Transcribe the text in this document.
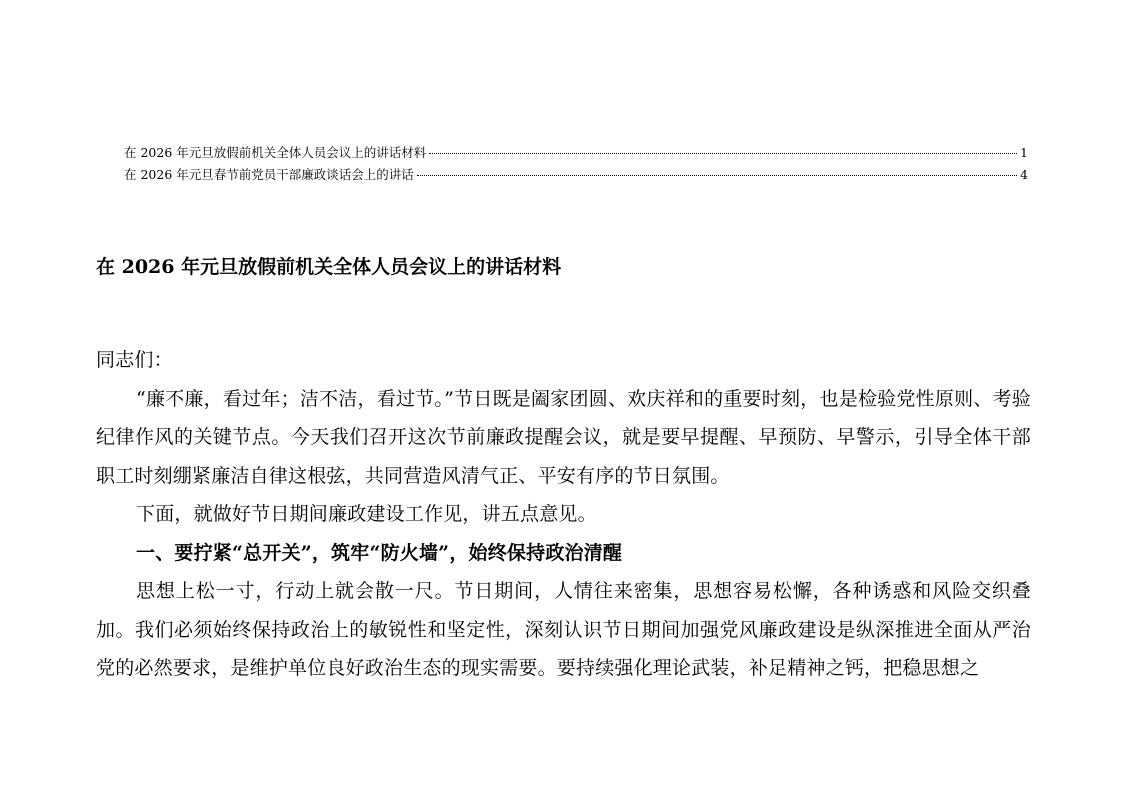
在 2026 年元旦放假前机关全体人员会议上的讲话材料	1
在 2026 年元旦春节前党员干部廉政谈话会上的讲话	4
在 2026 年元旦放假前机关全体人员会议上的讲话材料

同志们：

“廉不廉，看过年；洁不洁，看过节。”节日既是阖家团圆、欢庆祥和的重要时刻，也是检验党性原则、考验纪律作风的关键节点。今天我们召开这次节前廉政提醒会议，就是要早提醒、早预防、早警示，引导全体干部职工时刻绷紧廉洁自律这根弦，共同营造风清气正、平安有序的节日氛围。

下面，就做好节日期间廉政建设工作见，讲五点意见。

一、要拧紧“总开关”，筑牢“防火墙”，始终保持政治清醒

思想上松一寸，行动上就会散一尺。节日期间，人情往来密集，思想容易松懈，各种诱惑和风险交织叠加。我们必须始终保持政治上的敏锐性和坚定性，深刻认识节日期间加强党风廉政建设是纵深推进全面从严治党的必然要求，是维护单位良好政治生态的现实需要。要持续强化理论武装，补足精神之钙，把稳思想之
